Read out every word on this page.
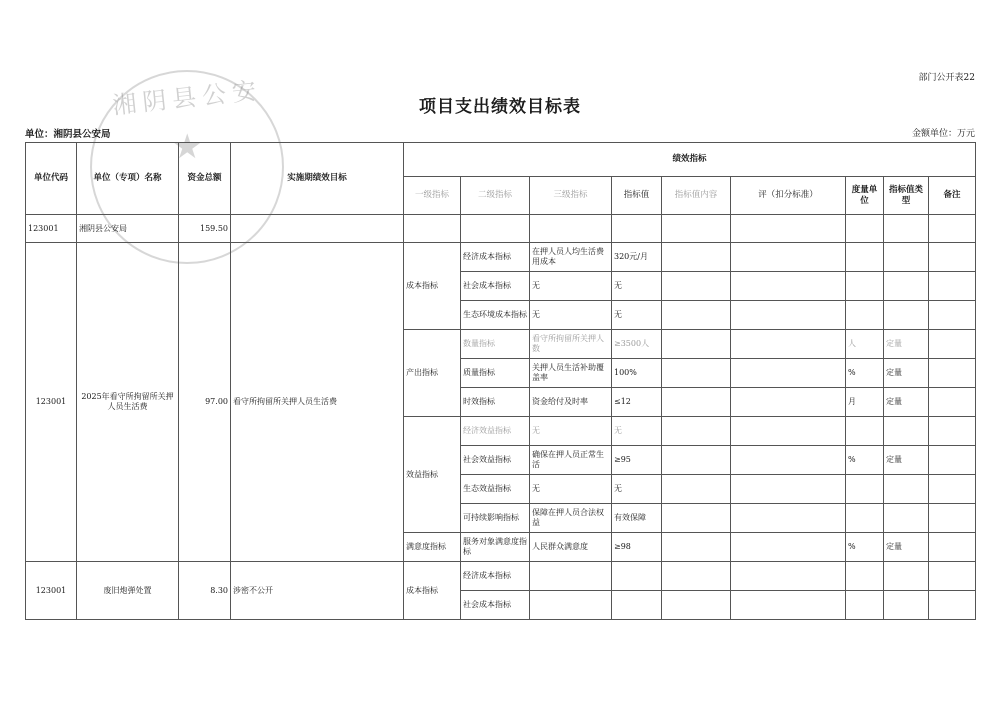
部门公开表22
湘阴县公安
★
项目支出绩效目标表
单位：湘阴县公安局	金额单位：万元
单位代码	单位（专项）名称	资金总额	实施期绩效目标	绩效指标								
				一级指标	二级指标	三级指标	指标值	指标值内容	评（扣分标准）	度量单位	指标值类型	备注
123001	湘阴县公安局	159.50										
123001	2025年看守所拘留所关押人员生活费	97.00	看守所拘留所关押人员生活费	成本指标	经济成本指标	在押人员人均生活费用成本	320元/月					
					社会成本指标	无	无					
					生态环境成本指标	无	无					
				产出指标	数量指标	看守所拘留所关押人数	≥3500人			人	定量	
					质量指标	关押人员生活补助覆盖率	100%			%	定量	
					时效指标	资金给付及时率	≤12			月	定量	
				效益指标	经济效益指标	无	无					
					社会效益指标	确保在押人员正常生活	≥95			%	定量	
					生态效益指标	无	无					
					可持续影响指标	保障在押人员合法权益	有效保障					
				满意度指标	服务对象满意度指标	人民群众满意度	≥98			%	定量	
123001	废旧炮弹处置	8.30	涉密不公开	成本指标	经济成本指标							
					社会成本指标							
